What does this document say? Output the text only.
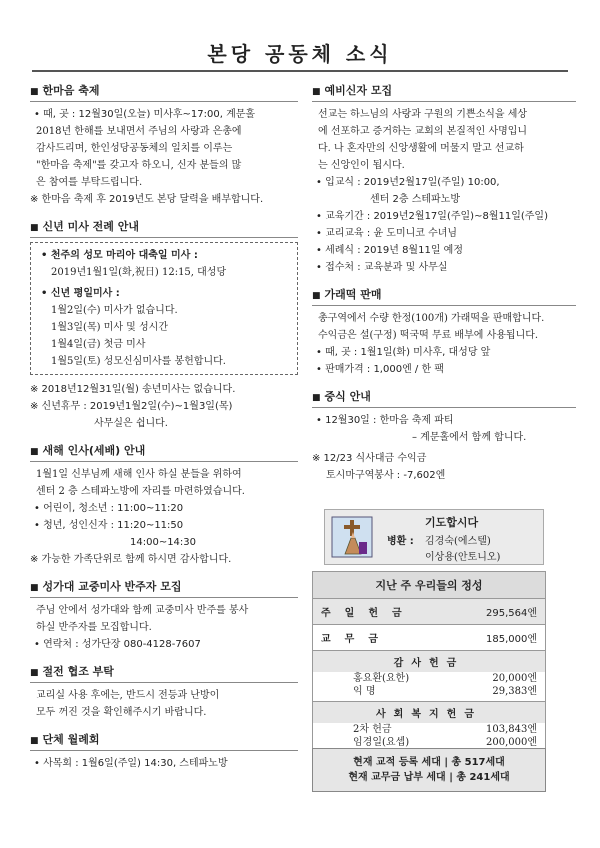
본당 공동체 소식
■ 한마음 축제
• 때, 곳 : 12월30일(오늘) 미사후~17:00, 계문홀
2018년 한해를 보내면서 주님의 사랑과 은총에
감사드리며, 한인성당공동체의 일치를 이루는
"한마음 축제"를 갖고자 하오니, 신자 분들의 많
은 참여를 부탁드립니다.
※ 한마음 축제 후 2019년도 본당 달력을 배부합니다.
■ 신년 미사 전례 안내
• 천주의 성모 마리아 대축일 미사 :
2019년1월1일(화,祝日) 12:15, 대성당
• 신년 평일미사 :
1월2일(수) 미사가 없습니다.
1월3일(목) 미사 및 성시간
1월4일(금) 첫금 미사
1월5일(토) 성모신심미사를 봉헌합니다.
※ 2018년12월31일(월) 송년미사는 없습니다.
※ 신년휴무 : 2019년1월2일(수)~1월3일(목)
사무실은 쉽니다.
■ 새해 인사(세배) 안내
1월1일 신부님께 새해 인사 하실 분들을 위하여
센터 2 층 스테파노방에 자리를 마련하였습니다.
• 어린이, 청소년 : 11:00~11:20
• 청년, 성인신자 : 11:20~11:50
14:00~14:30
※ 가능한 가족단위로 함께 하시면 감사합니다.
■ 성가대 교중미사 반주자 모집
주님 안에서 성가대와 함께 교중미사 반주를 봉사
하실 반주자를 모집합니다.
• 연락처 : 성가단장 080-4128-7607
■ 절전 협조 부탁
교리실 사용 후에는, 반드시 전등과 난방이
모두 꺼진 것을 확인해주시기 바랍니다.
■ 단체 월례회
• 사목회 : 1월6일(주일) 14:30, 스테파노방
■ 예비신자 모집
선교는 하느님의 사랑과 구원의 기쁜소식을 세상
에 선포하고 증거하는 교회의 본질적인 사명입니
다. 나 혼자만의 신앙생활에 머물지 말고 선교하
는 신앙인이 됩시다.
• 입교식 : 2019년2월17일(주일) 10:00,
센터 2층 스테파노방
• 교육기간 : 2019년2월17일(주일)~8월11일(주일)
• 교리교육 : 윤 도미니코 수녀님
• 세례식 : 2019년 8월11일 예정
• 접수처 : 교육분과 및 사무실
■ 가래떡 판매
총구역에서 수량 한정(100개) 가래떡을 판매합니다.
수익금은 설(구정) 떡국떡 무료 배부에 사용됩니다.
• 때, 곳 : 1월1일(화) 미사후, 대성당 앞
• 판매가격 : 1,000엔 / 한 팩
■ 중식 안내
• 12월30일 : 한마음 축제 파티
– 계문홀에서 함께 합니다.
※ 12/23 식사대금 수익금
토시마구역봉사 : -7,602엔
기도합시다
병환 : 김경숙(에스텔)
이상용(안토니오)
지난 주 우리들의 정성
주일헌금	295,564엔
교무금	185,000엔
감사헌금
홍요환(요한)	20,000엔
익 명	29,383엔
사회복지헌금
2차 헌금	103,843엔
임경일(요셉)	200,000엔
현재 교적 등록 세대 | 총 517세대
현재 교무금 납부 세대 | 총 241세대
